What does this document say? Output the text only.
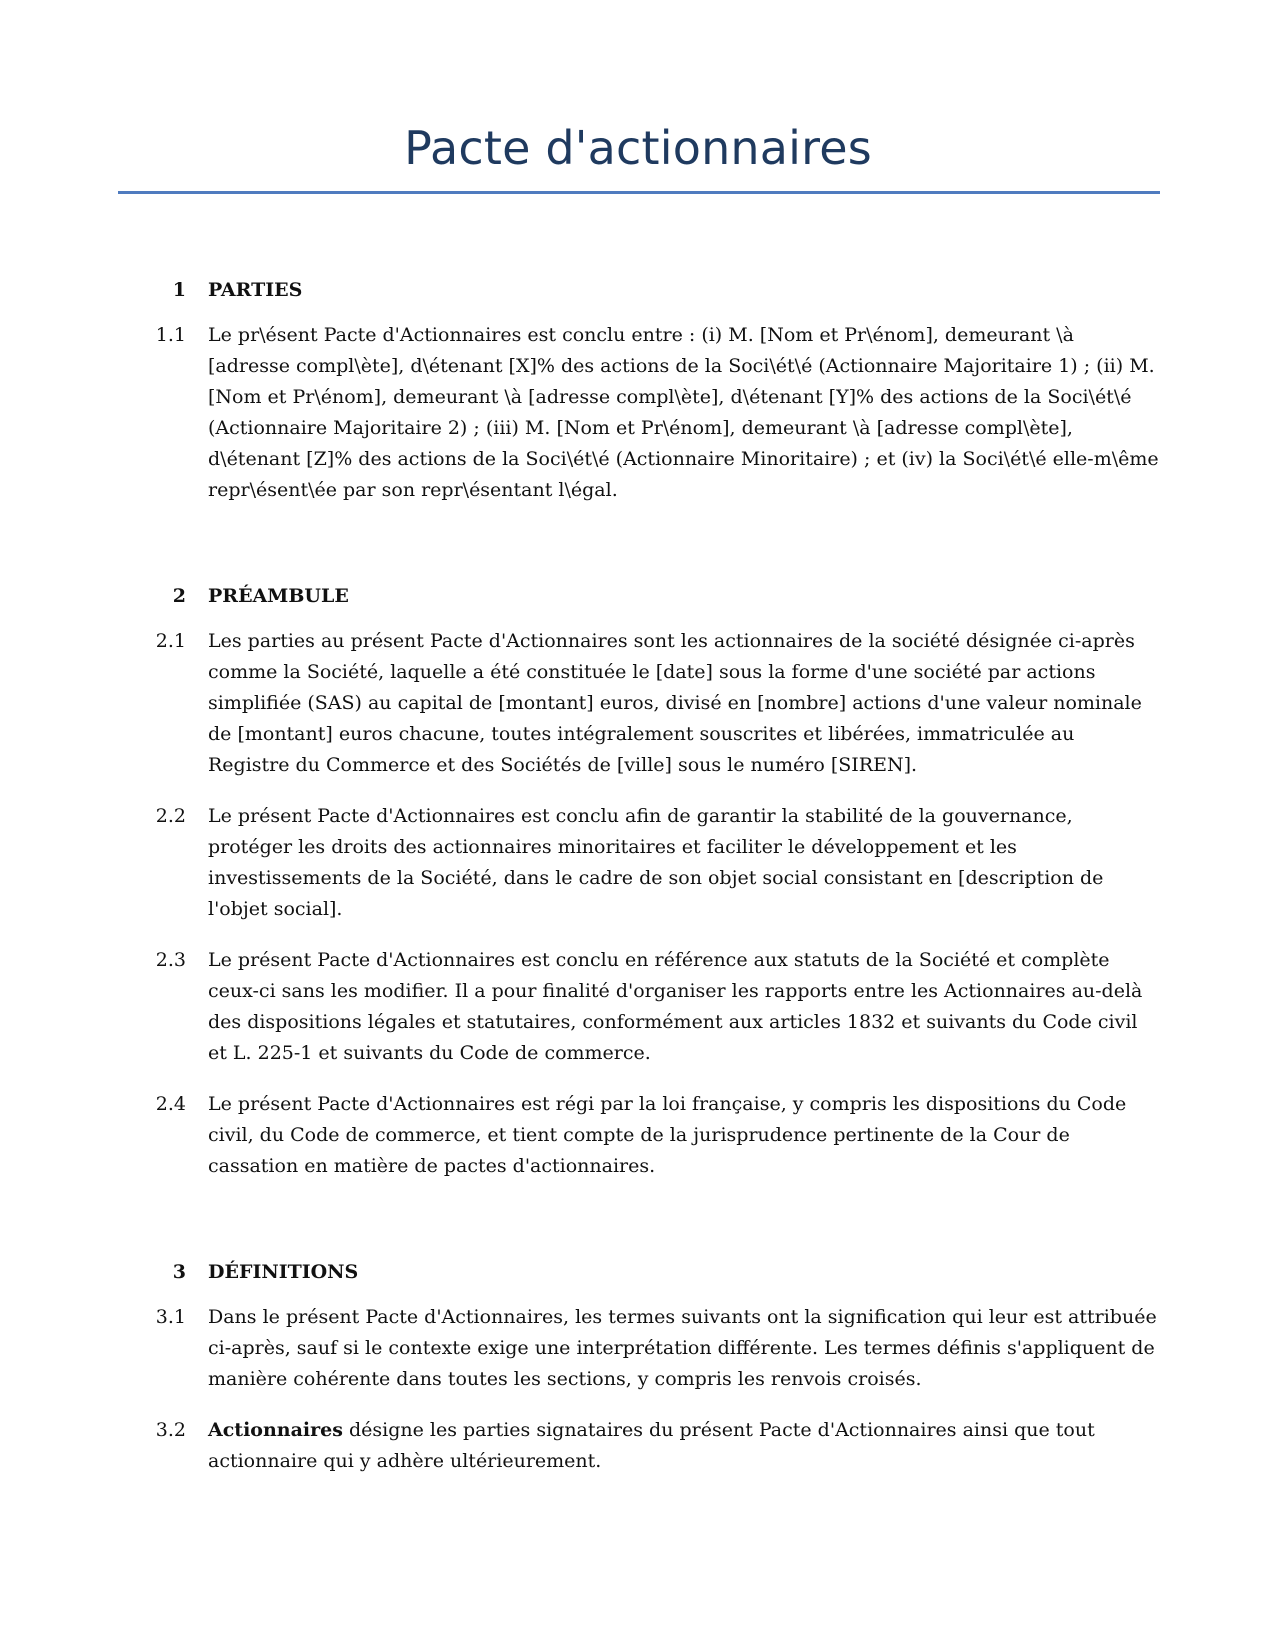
Pacte d'actionnaires
1	PARTIES
1.1	Le pr\ésent Pacte d'Actionnaires est conclu entre : (i) M. [Nom et Pr\énom], demeurant \à [adresse compl\ète], d\étenant [X]% des actions de la Soci\ét\é (Actionnaire Majoritaire 1) ; (ii) M. [Nom et Pr\énom], demeurant \à [adresse compl\ète], d\étenant [Y]% des actions de la Soci\ét\é (Actionnaire Majoritaire 2) ; (iii) M. [Nom et Pr\énom], demeurant \à [adresse compl\ète], d\étenant [Z]% des actions de la Soci\ét\é (Actionnaire Minoritaire) ; et (iv) la Soci\ét\é elle-m\ême repr\ésent\ée par son repr\ésentant l\égal.
2	PRÉAMBULE
2.1	Les parties au présent Pacte d'Actionnaires sont les actionnaires de la société désignée ci-après comme la Société, laquelle a été constituée le [date] sous la forme d'une société par actions simplifiée (SAS) au capital de [montant] euros, divisé en [nombre] actions d'une valeur nominale de [montant] euros chacune, toutes intégralement souscrites et libérées, immatriculée au Registre du Commerce et des Sociétés de [ville] sous le numéro [SIREN].
2.2	Le présent Pacte d'Actionnaires est conclu afin de garantir la stabilité de la gouvernance, protéger les droits des actionnaires minoritaires et faciliter le développement et les investissements de la Société, dans le cadre de son objet social consistant en [description de l'objet social].
2.3	Le présent Pacte d'Actionnaires est conclu en référence aux statuts de la Société et complète ceux-ci sans les modifier. Il a pour finalité d'organiser les rapports entre les Actionnaires au-delà des dispositions légales et statutaires, conformément aux articles 1832 et suivants du Code civil et L. 225-1 et suivants du Code de commerce.
2.4	Le présent Pacte d'Actionnaires est régi par la loi française, y compris les dispositions du Code civil, du Code de commerce, et tient compte de la jurisprudence pertinente de la Cour de cassation en matière de pactes d'actionnaires.
3	DÉFINITIONS
3.1	Dans le présent Pacte d'Actionnaires, les termes suivants ont la signification qui leur est attribuée ci-après, sauf si le contexte exige une interprétation différente. Les termes définis s'appliquent de manière cohérente dans toutes les sections, y compris les renvois croisés.
3.2	Actionnaires désigne les parties signataires du présent Pacte d'Actionnaires ainsi que tout actionnaire qui y adhère ultérieurement.
